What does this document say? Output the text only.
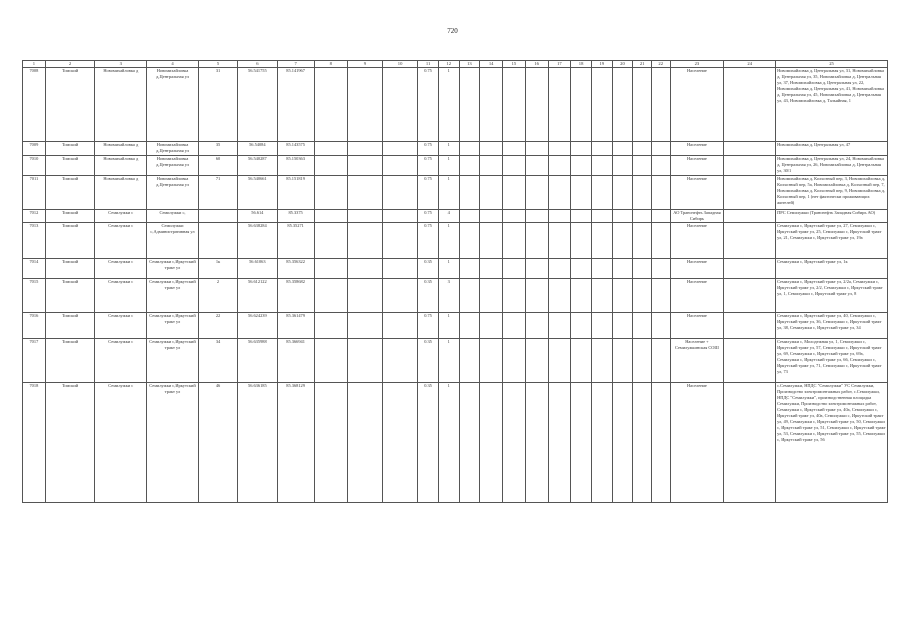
720
1	2	3	4	5	6	7	8	9	10	11	12	13	14	15	16	17	18	19	20	21	22	23	24	25
7008	Томский	Новомихайловка д	Новомихайловка д,Центральная ул	31	56.541755	85.141967				0.75	1											Население		Новомихайловка д, Центральная ул, 31, Новомихайловка д, Центральная ул, 35, Новомихайловка д, Центральная ул, 37, Новомихайловка д, Центральная ул, 22, Новомихайловка д, Центральная ул, 41, Новомихайловка д, Центральная ул, 45, Новомихайловка д, Центральная ул, 43, Новомихайловка д, Тальяйная, 1
7009	Томский	Новомихайловка д	Новомихайловка д,Центральная ул	35	56.54084	85.143575				0.75	1											Население		Новомихайловка д, Центральная ул, 47
7010	Томский	Новомихайловка д	Новомихайловка д,Центральная ул	60	56.540287	85.150363				0.75	1											Население		Новомихайловка д, Центральная ул, 24, Новомихайловка д, Центральная ул, 26, Новомихайловка д, Центральная ул, 30/1
7011	Томский	Новомихайловка д	Новомихайловка д,Центральная ул	71	56.540661	85.151819				0.75	1											Население		Новомихайловка д, Колхозный пер, 3, Новомихайловка д, Колхозный пер, 5а, Новомихайловка д, Колхозный пер, 7, Новомихайловка д, Колхозный пер, 9, Новомихайловка д, Колхозный пер, 1 (нет фактически проживающих жителей)
7012	Томский	Семилужки с	Семилужки с,		56.614	85.3375				0.75	4											АО Транснефть Западная Сибирь		ПРС Семилужки (Транснефть Западная Сибирь АО)
7013	Томский	Семилужки с	Семилужки с,Административная ул		56.638284	85.35271				0.75	1											Население		Семилужки с, Иркутский тракт ул, 27, Семилужки с, Иркутский тракт ул, 25, Семилужки с, Иркутский тракт ул, 21, Семилужки с, Иркутский тракт ул, 19а
7014	Томский	Семилужки с	Семилужки с,Иркутский тракт ул	1к	56.61063	85.356322				0.35	1											Население		Семилужки с, Иркутский тракт ул, 1к
7015	Томский	Семилужки с	Семилужки с,Иркутский тракт ул	2	56.612122	85.358682				0.35	3											Население		Семилужки с, Иркутский тракт ул, 2/2а, Семилужки с, Иркутский тракт ул, 2/2, Семилужки с, Иркутский тракт ул, 1, Семилужки с, Иркутский тракт ул, 8
7016	Томский	Семилужки с	Семилужки с,Иркутский тракт ул	22	56.624239	85.361479				0.75	1											Население		Семилужки с, Иркутский тракт ул, 40, Семилужки с, Иркутский тракт ул, 36, Семилужки с, Иркутский тракт ул, 38, Семилужки с, Иркутский тракт ул, 34
7017	Томский	Семилужки с	Семилужки с,Иркутский тракт ул	34	56.635988	85.366941				0.35	1											Население + Семилужкинская СОШ		Семилужки с, Молодежная ул, 1, Семилужки с, Иркутский тракт ул, 57, Семилужки с, Иркутский тракт ул, 69, Семилужки с, Иркутский тракт ул, 69а, Семилужки с, Иркутский тракт ул, 66, Семилужки с, Иркутский тракт ул, 71, Семилужки с, Иркутский тракт ул, 73
7018	Томский	Семилужки с	Семилужки с,Иркутский тракт ул	46	56.636185	85.368129				0.35	1											Население		с.Семилужки, НПДС "Семилужки" УС Семилужки, Производство электромонтажных работ, с.Семилужки, НПДС "Семилужки", производственная площадка Семилужки, Производство электромонтажных работ, Семилужки с, Иркутский тракт ул, 40а, Семилужки с, Иркутский тракт ул, 40а, Семилужки с, Иркутский тракт ул, 49, Семилужки с, Иркутский тракт ул, 50, Семилужки с, Иркутский тракт ул, 51, Семилужки с, Иркутский тракт ул, 53, Семилужки с, Иркутский тракт ул, 55, Семилужки с, Иркутский тракт ул, 56
